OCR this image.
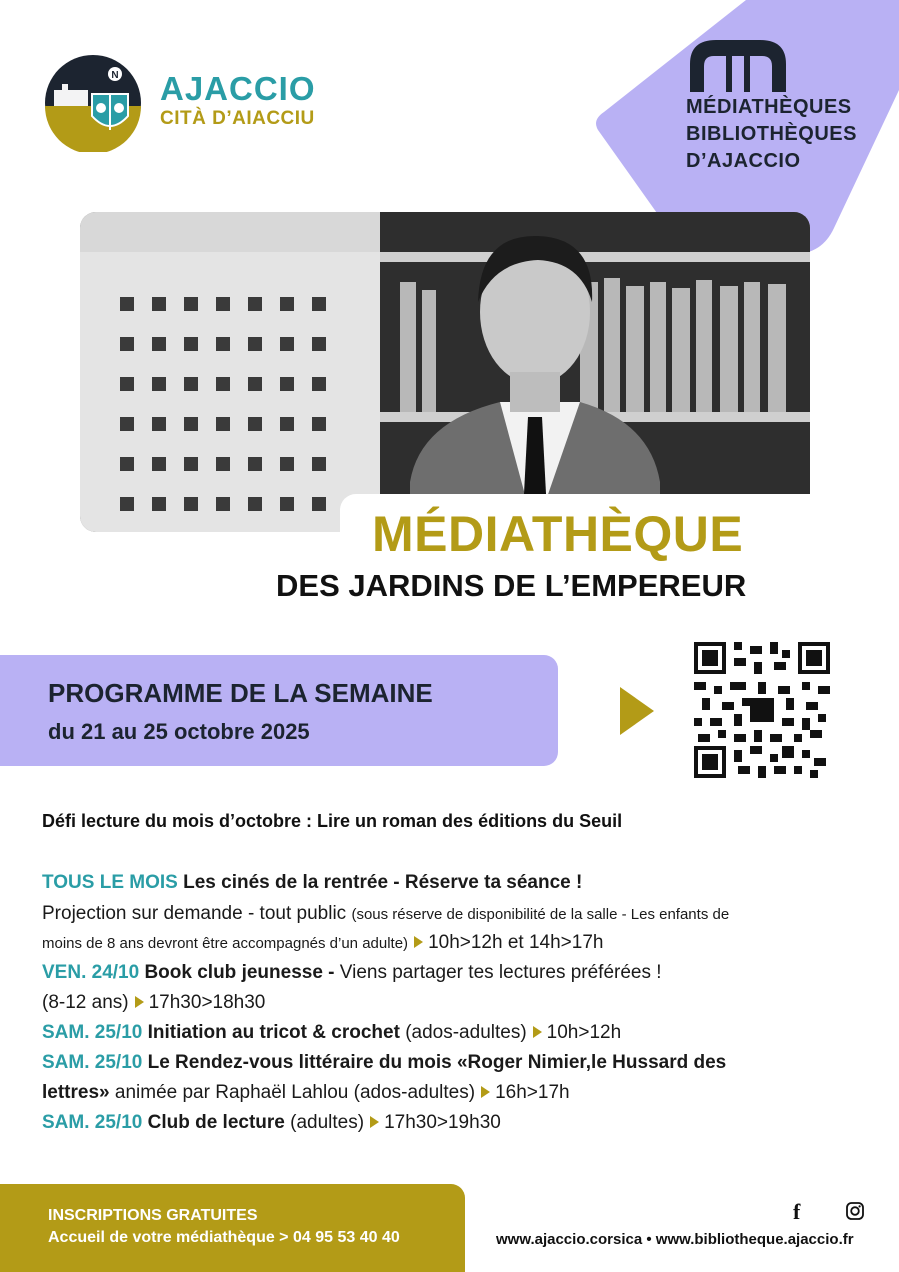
N AJACCIO
CITÀ D’AIACCIU
MÉDIATHÈQUES
BIBLIOTHÈQUES
D’AJACCIO
MÉDIATHÈQUE
DES JARDINS DE L’EMPEREUR
PROGRAMME DE LA SEMAINE
du 21 au 25 octobre 2025
Défi lecture du mois d’octobre : Lire un roman des éditions du Seuil
TOUS LE MOIS Les cinés de la rentrée - Réserve ta séance !
Projection sur demande - tout public (sous réserve de disponibilité de la salle - Les enfants de
moins de 8 ans devront être accompagnés d’un adulte) 10h>12h et 14h>17h
VEN. 24/10 Book club jeunesse - Viens partager tes lectures préférées !
(8-12 ans) 17h30>18h30
SAM. 25/10 Initiation au tricot & crochet (ados-adultes) 10h>12h
SAM. 25/10 Le Rendez-vous littéraire du mois «Roger Nimier,le Hussard des
lettres» animée par Raphaël Lahlou (ados-adultes) 16h>17h
SAM. 25/10 Club de lecture (adultes) 17h30>19h30
INSCRIPTIONS GRATUITES
Accueil de votre médiathèque > 04 95 53 40 40
f
www.ajaccio.corsica • www.bibliotheque.ajaccio.fr
